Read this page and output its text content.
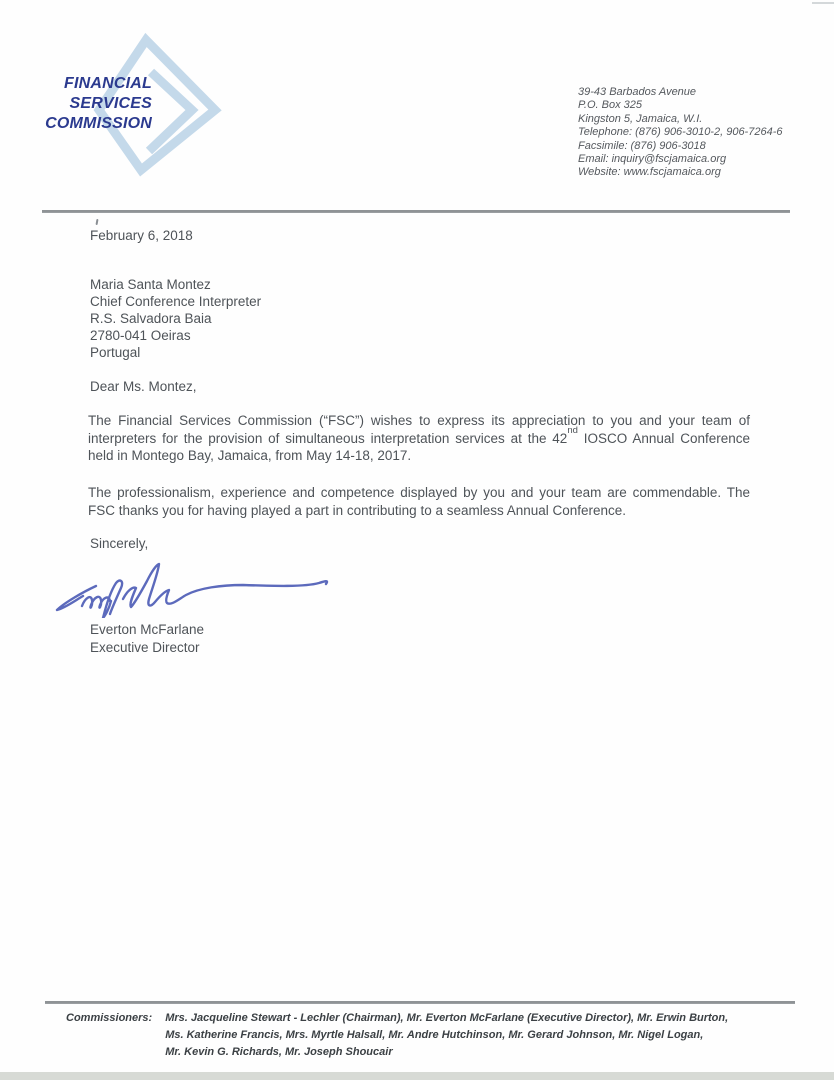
FINANCIAL
SERVICES
COMMISSION
39-43 Barbados Avenue
P.O. Box 325
Kingston 5, Jamaica, W.I.
Telephone: (876) 906-3010-2, 906-7264-6
Facsimile: (876) 906-3018
Email: inquiry@fscjamaica.org
Website: www.fscjamaica.org
February 6, 2018
Maria Santa Montez
Chief Conference Interpreter
R.S. Salvadora Baia
2780-041 Oeiras
Portugal
Dear Ms. Montez,
The Financial Services Commission (“FSC”) wishes to express its appreciation to you and your team of interpreters for the provision of simultaneous interpretation services at the 42nd IOSCO Annual Conference held in Montego Bay, Jamaica, from May 14-18, 2017.
The professionalism, experience and competence displayed by you and your team are commendable. The FSC thanks you for having played a part in contributing to a seamless Annual Conference.
Sincerely,
Everton McFarlane
Executive Director
Commissioners: Mrs. Jacqueline Stewart - Lechler (Chairman), Mr. Everton McFarlane (Executive Director), Mr. Erwin Burton,
Ms. Katherine Francis, Mrs. Myrtle Halsall, Mr. Andre Hutchinson, Mr. Gerard Johnson, Mr. Nigel Logan,
Mr. Kevin G. Richards, Mr. Joseph Shoucair
